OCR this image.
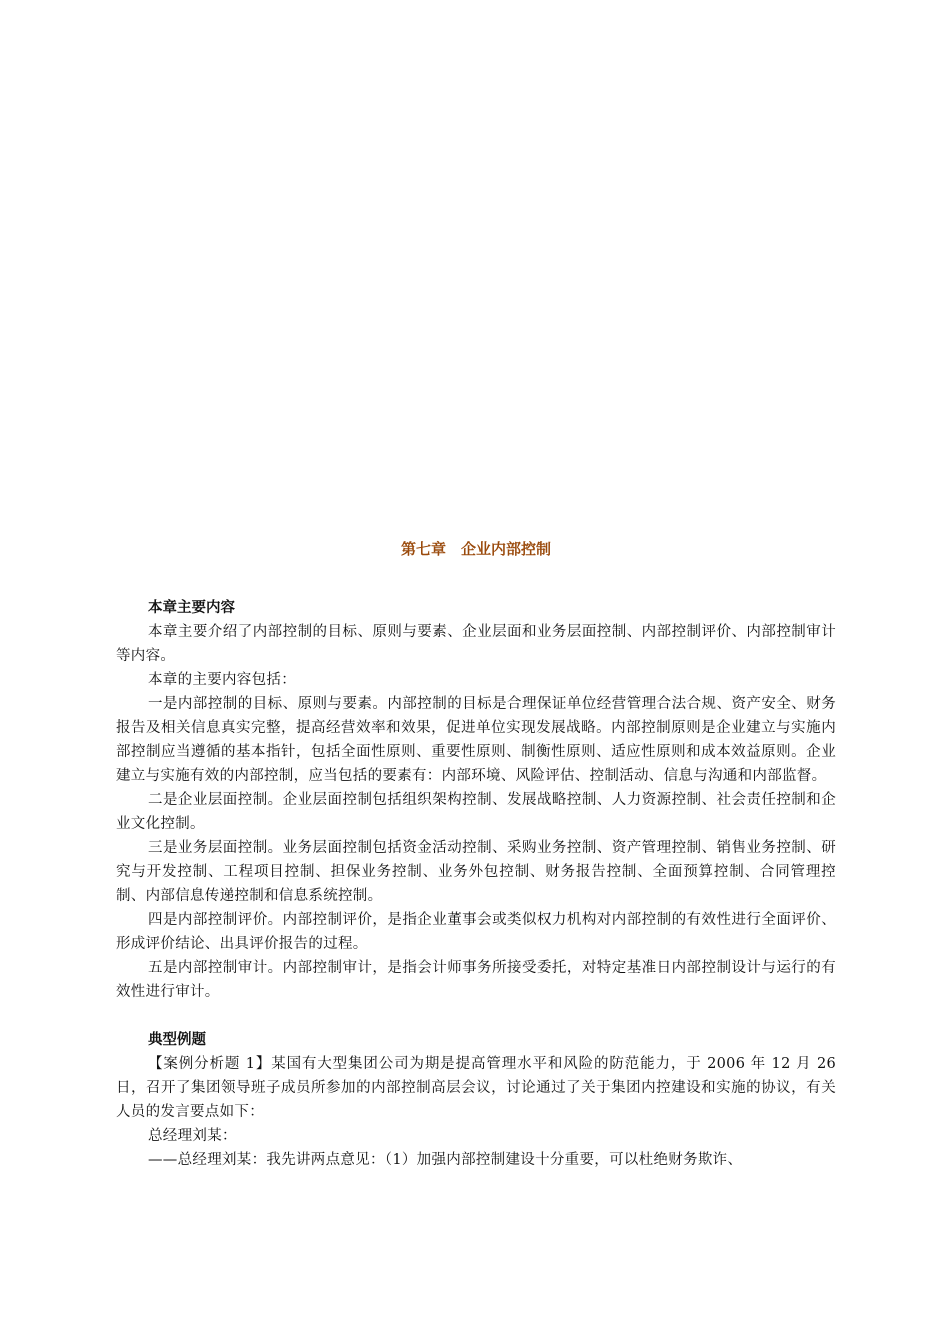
第七章　企业内部控制
本章主要内容

本章主要介绍了内部控制的目标、原则与要素、企业层面和业务层面控制、内部控制评价、内部控制审计等内容。

本章的主要内容包括：

一是内部控制的目标、原则与要素。内部控制的目标是合理保证单位经营管理合法合规、资产安全、财务报告及相关信息真实完整，提高经营效率和效果，促进单位实现发展战略。内部控制原则是企业建立与实施内部控制应当遵循的基本指针，包括全面性原则、重要性原则、制衡性原则、适应性原则和成本效益原则。企业建立与实施有效的内部控制，应当包括的要素有：内部环境、风险评估、控制活动、信息与沟通和内部监督。

二是企业层面控制。企业层面控制包括组织架构控制、发展战略控制、人力资源控制、社会责任控制和企业文化控制。

三是业务层面控制。业务层面控制包括资金活动控制、采购业务控制、资产管理控制、销售业务控制、研究与开发控制、工程项目控制、担保业务控制、业务外包控制、财务报告控制、全面预算控制、合同管理控制、内部信息传递控制和信息系统控制。

四是内部控制评价。内部控制评价，是指企业董事会或类似权力机构对内部控制的有效性进行全面评价、形成评价结论、出具评价报告的过程。

五是内部控制审计。内部控制审计，是指会计师事务所接受委托，对特定基准日内部控制设计与运行的有效性进行审计。

典型例题

【案例分析题 1】某国有大型集团公司为期是提高管理水平和风险的防范能力，于 2006 年 12 月 26 日，召开了集团领导班子成员所参加的内部控制高层会议，讨论通过了关于集团内控建设和实施的协议，有关人员的发言要点如下：

总经理刘某：

——总经理刘某：我先讲两点意见：（1）加强内部控制建设十分重要，可以杜绝财务欺诈、
